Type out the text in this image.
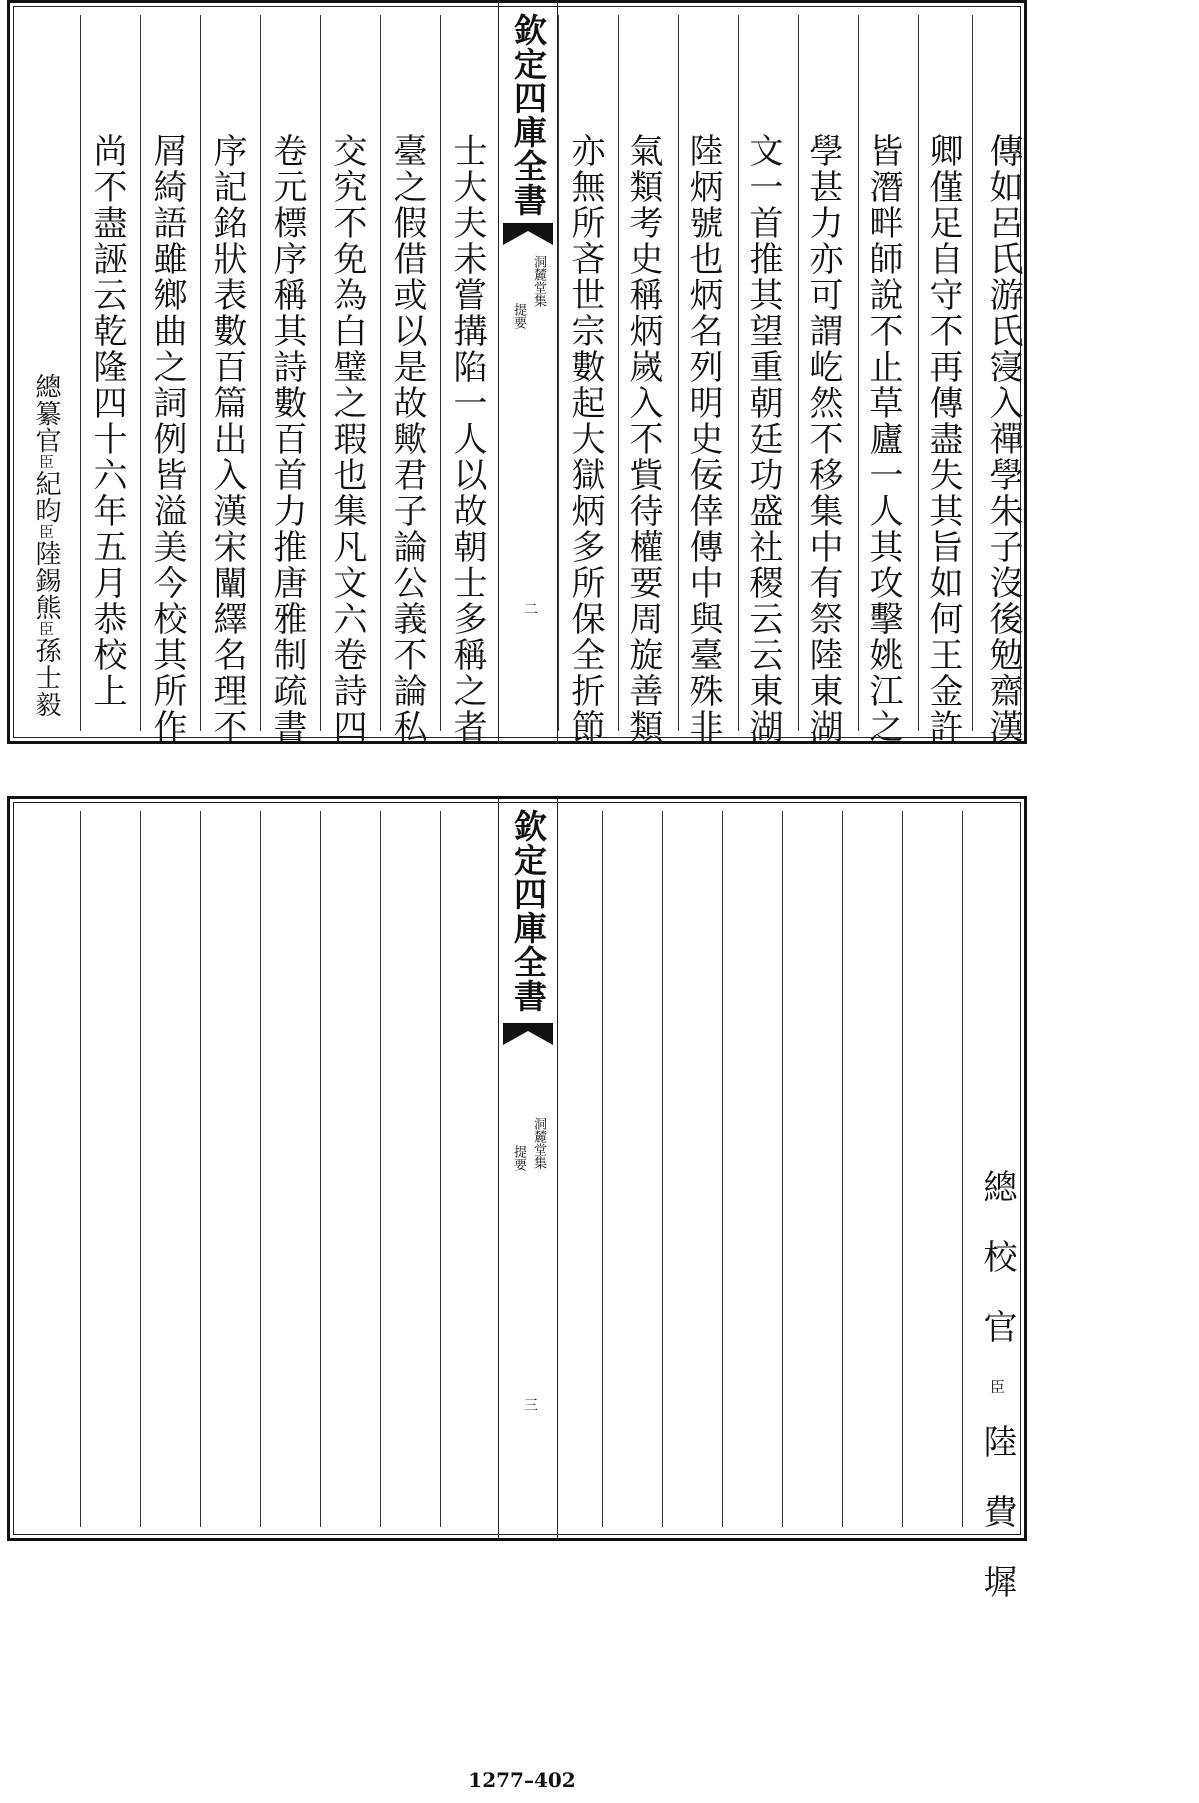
欽定四庫全書
洞麓堂集
提要
二	傳如呂氏游氏寖入禪學朱子沒後勉齋漢
卿僅足自守不再傳盡失其旨如何王金許
皆潛畔師說不止草廬一人其攻擊姚江之
學甚力亦可謂屹然不移集中有祭陸東湖
文一首推其望重朝廷功盛社稷云云東湖
陸炳號也炳名列明史佞倖傳中與臺殊非
氣類考史稱炳嵗入不貲待權要周旋善類
亦無所吝世宗數起大獄炳多所保全折節
士大夫未嘗搆陷一人以故朝士多稱之者
臺之假借或以是故歟君子論公義不論私
交究不免為白璧之瑕也集凡文六卷詩四
卷元標序稱其詩數百首力推唐雅制疏書
序記銘狀表數百篇出入漢宋闡繹名理不
屑綺語雖鄉曲之詞例皆溢美今校其所作
尚不盡誣云乾隆四十六年五月恭校上
總纂官臣紀昀臣陸錫熊臣孫士毅
欽定四庫全書
洞麓堂集
提要
三
總校官臣陸費墀
1277–402
